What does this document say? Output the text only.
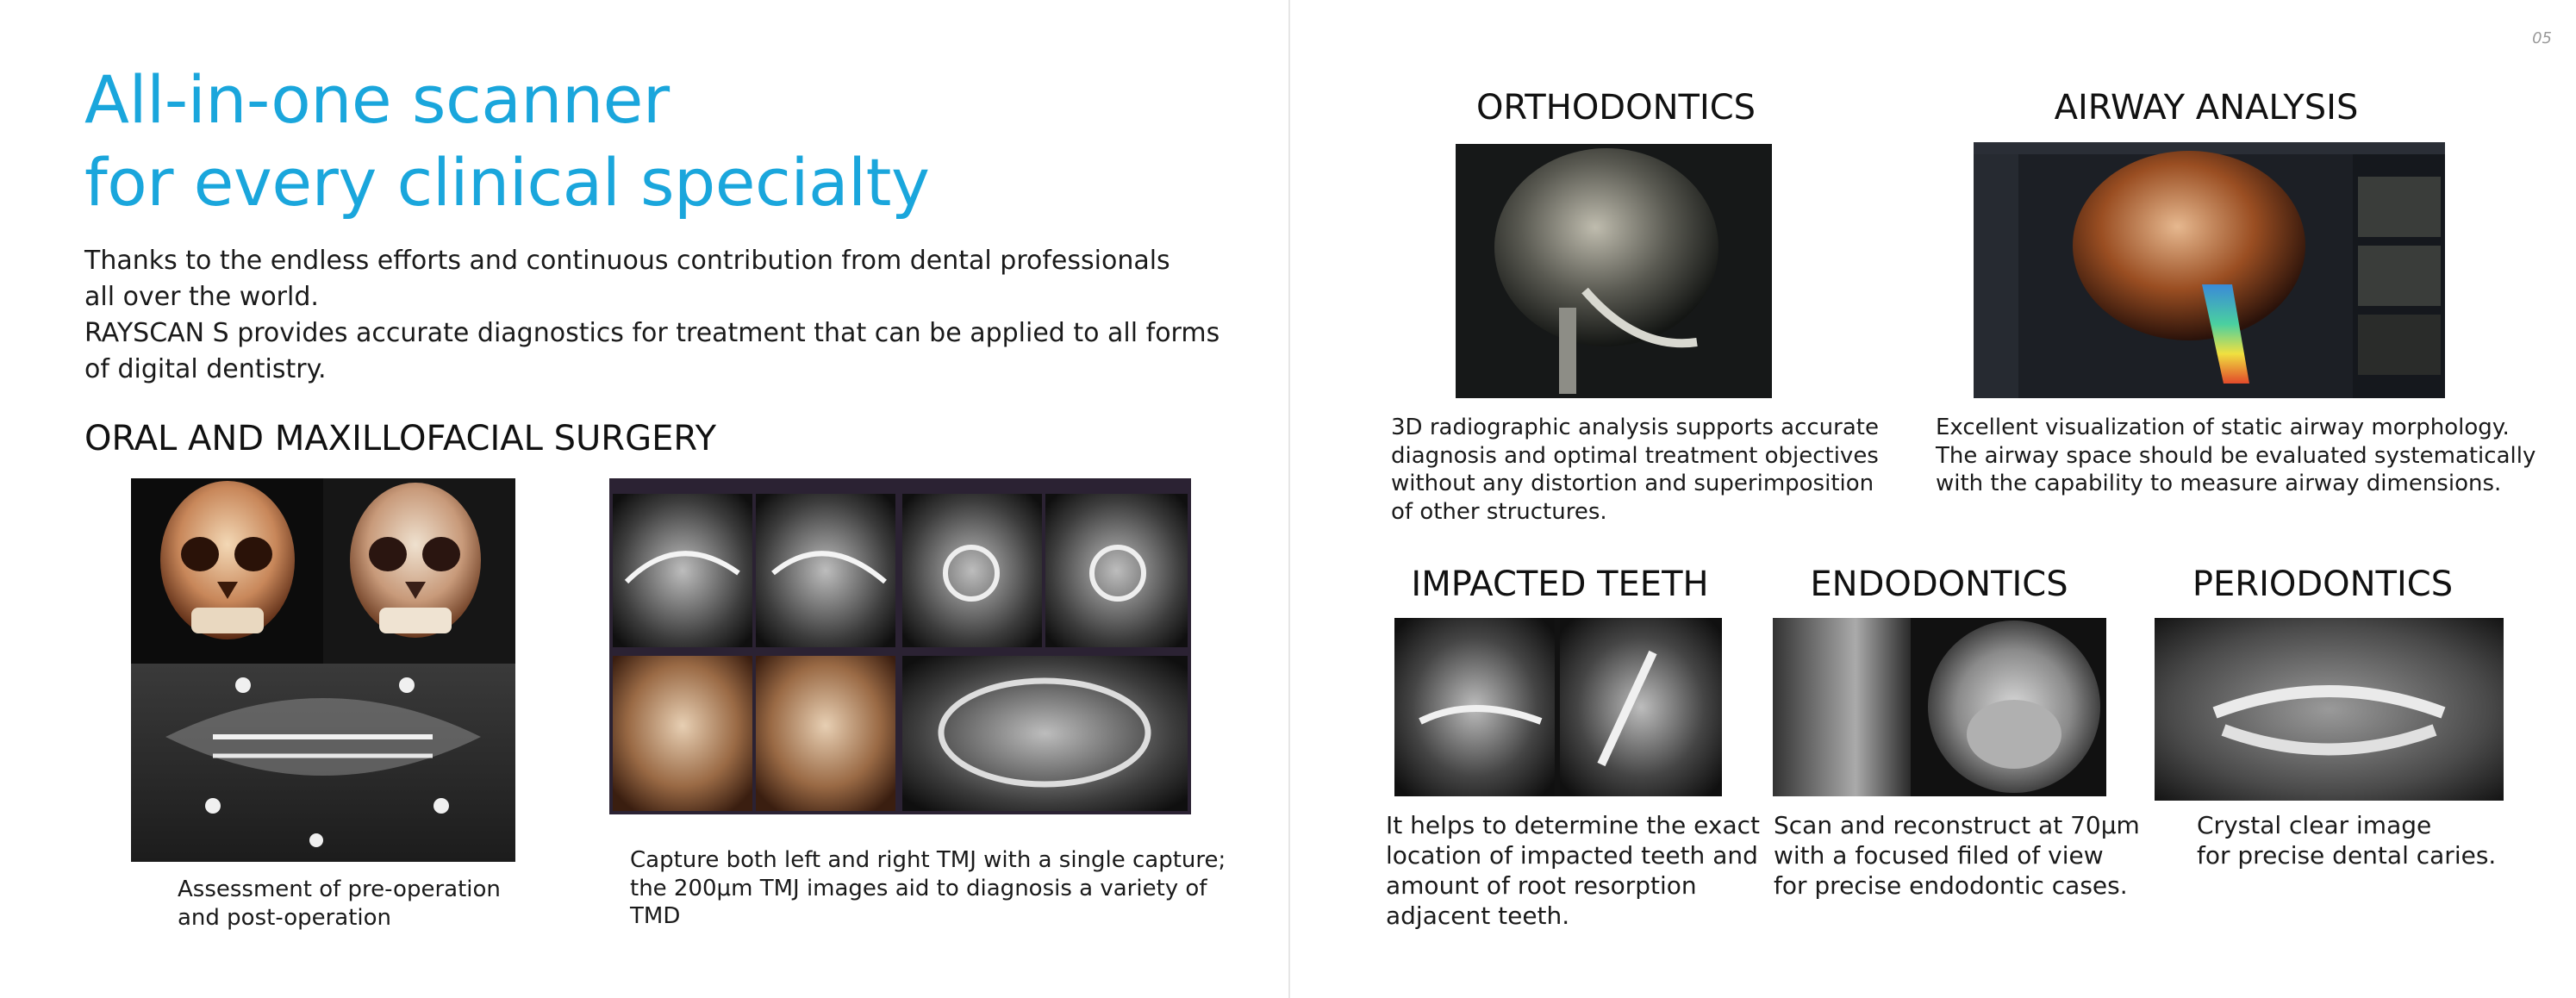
05
All-in-one scanner
for every clinical specialty
Thanks to the endless efforts and continuous contribution from dental professionals
all over the world.
RAYSCAN S provides accurate diagnostics for treatment that can be applied to all forms
of digital dentistry.
ORAL AND MAXILLOFACIAL SURGERY
Assessment of pre-operation
and post-operation
Capture both left and right TMJ with a single capture;
the 200μm TMJ images aid to diagnosis a variety of
TMD
ORTHODONTICS	AIRWAY ANALYSIS
3D radiographic analysis supports accurate
diagnosis and optimal treatment objectives
without any distortion and superimposition
of other structures.
Excellent visualization of static airway morphology.
The airway space should be evaluated systematically
with the capability to measure airway dimensions.
IMPACTED TEETH	ENDODONTICS	PERIODONTICS
It helps to determine the exact
location of impacted teeth and
amount of root resorption
adjacent teeth.
Scan and reconstruct at 70μm
with a focused filed of view
for precise endodontic cases.
Crystal clear image
for precise dental caries.
